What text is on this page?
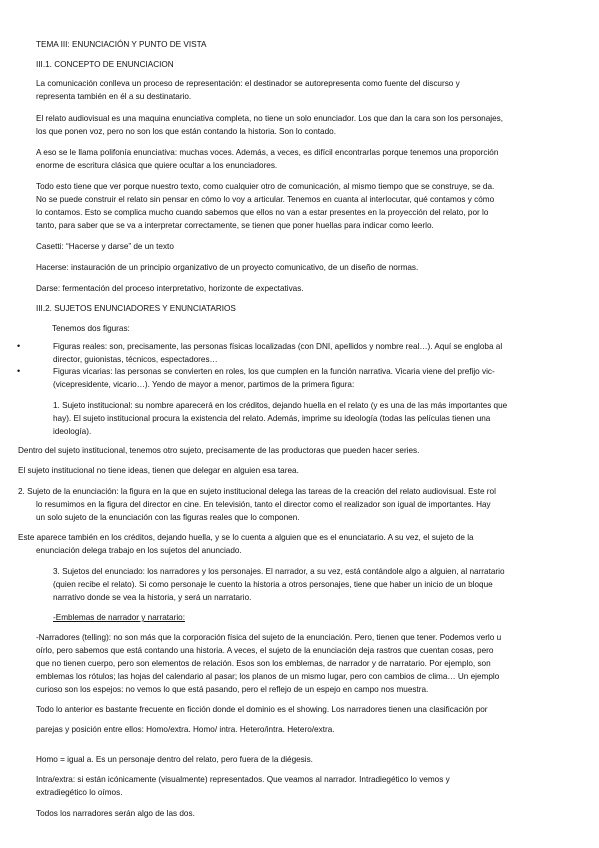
TEMA III: ENUNCIACIÓN Y PUNTO DE VISTA
III.1. CONCEPTO DE ENUNCIACION
La comunicación conlleva un proceso de representación: el destinador se autorepresenta como fuente del discurso y
representa también en él a su destinatario.
El relato audiovisual es una maquina enunciativa completa, no tiene un solo enunciador. Los que dan la cara son los personajes,
los que ponen voz, pero no son los que están contando la historia. Son lo contado.
A eso se le llama polifonía enunciativa: muchas voces. Además, a veces, es difícil encontrarlas porque tenemos una proporción
enorme de escritura clásica que quiere ocultar a los enunciadores.
Todo esto tiene que ver porque nuestro texto, como cualquier otro de comunicación, al mismo tiempo que se construye, se da.
No se puede construir el relato sin pensar en cómo lo voy a articular. Tenemos en cuanta al interlocutar, qué contamos y cómo
lo contamos. Esto se complica mucho cuando sabemos que ellos no van a estar presentes en la proyección del relato, por lo
tanto, para saber que se va a interpretar correctamente, se tienen que poner huellas para indicar como leerlo.
Casetti: “Hacerse y darse” de un texto
Hacerse: instauración de un principio organizativo de un proyecto comunicativo, de un diseño de normas.
Darse: fermentación del proceso interpretativo, horizonte de expectativas.
III.2. SUJETOS ENUNCIADORES Y ENUNCIATARIOS
Tenemos dos figuras:
•	Figuras reales: son, precisamente, las personas físicas localizadas (con DNI, apellidos y nombre real…). Aquí se engloba al
director, guionistas, técnicos, espectadores…
•	Figuras vicarias: las personas se convierten en roles, los que cumplen en la función narrativa. Vicaria viene del prefijo vic-
(vicepresidente, vicario…). Yendo de mayor a menor, partimos de la primera figura:
1. Sujeto institucional: su nombre aparecerá en los créditos, dejando huella en el relato (y es una de las más importantes que
hay). El sujeto institucional procura la existencia del relato. Además, imprime su ideología (todas las películas tienen una
ideología).
Dentro del sujeto institucional, tenemos otro sujeto, precisamente de las productoras que pueden hacer series.
El sujeto institucional no tiene ideas, tienen que delegar en alguien esa tarea.
2. Sujeto de la enunciación: la figura en la que en sujeto institucional delega las tareas de la creación del relato audiovisual. Este rol
lo resumimos en la figura del director en cine. En televisión, tanto el director como el realizador son igual de importantes. Hay
un solo sujeto de la enunciación con las figuras reales que lo componen.
Este aparece también en los créditos, dejando huella, y se lo cuenta a alguien que es el enunciatario. A su vez, el sujeto de la
enunciación delega trabajo en los sujetos del anunciado.
3. Sujetos del enunciado: los narradores y los personajes. El narrador, a su vez, está contándole algo a alguien, al narratario
(quien recibe el relato). Si como personaje le cuento la historia a otros personajes, tiene que haber un inicio de un bloque
narrativo donde se vea la historia, y será un narratario.
-Emblemas de narrador y narratario:
-Narradores (telling): no son más que la corporación física del sujeto de la enunciación. Pero, tienen que tener. Podemos verlo u
oírlo, pero sabemos que está contando una historia. A veces, el sujeto de la enunciación deja rastros que cuentan cosas, pero
que no tienen cuerpo, pero son elementos de relación. Esos son los emblemas, de narrador y de narratario. Por ejemplo, son
emblemas los rótulos; las hojas del calendario al pasar; los planos de un mismo lugar, pero con cambios de clima… Un ejemplo
curioso son los espejos: no vemos lo que está pasando, pero el reflejo de un espejo en campo nos muestra.
Todo lo anterior es bastante frecuente en ficción donde el dominio es el showing. Los narradores tienen una clasificación por
parejas y posición entre ellos: Homo/extra. Homo/ intra. Hetero/intra. Hetero/extra.
Homo = igual a. Es un personaje dentro del relato, pero fuera de la diégesis.
Intra/extra: si están icónicamente (visualmente) representados. Que veamos al narrador. Intradiegético lo vemos y
extradiegético lo oímos.
Todos los narradores serán algo de las dos.
